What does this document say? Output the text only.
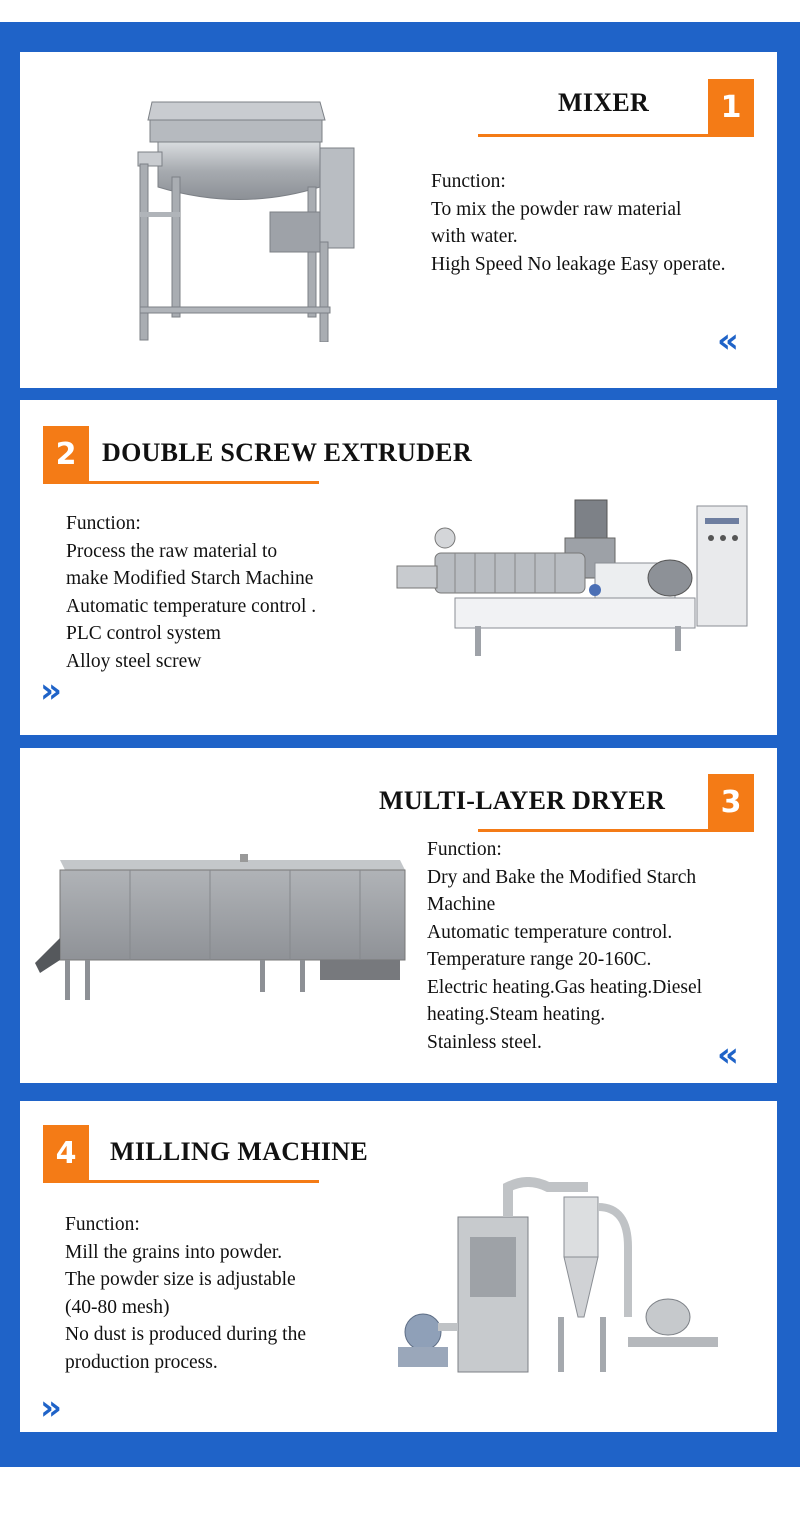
MIXER	1
Function:
To mix the powder raw material
with water.
High Speed No leakage Easy operate.
«
2 DOUBLE SCREW EXTRUDER
Function:
Process the raw material to
make Modified Starch Machine
Automatic temperature control .
PLC control system
Alloy steel screw
»
MULTI-LAYER DRYER	3
Function:
Dry and Bake the Modified Starch
Machine
Automatic temperature control.
Temperature range 20-160C.
Electric heating.Gas heating.Diesel
heating.Steam heating.
Stainless steel.	«
4	MILLING MACHINE
Function:
Mill the grains into powder.
The powder size is adjustable
(40-80 mesh)
No dust is produced during the
production process.
»
